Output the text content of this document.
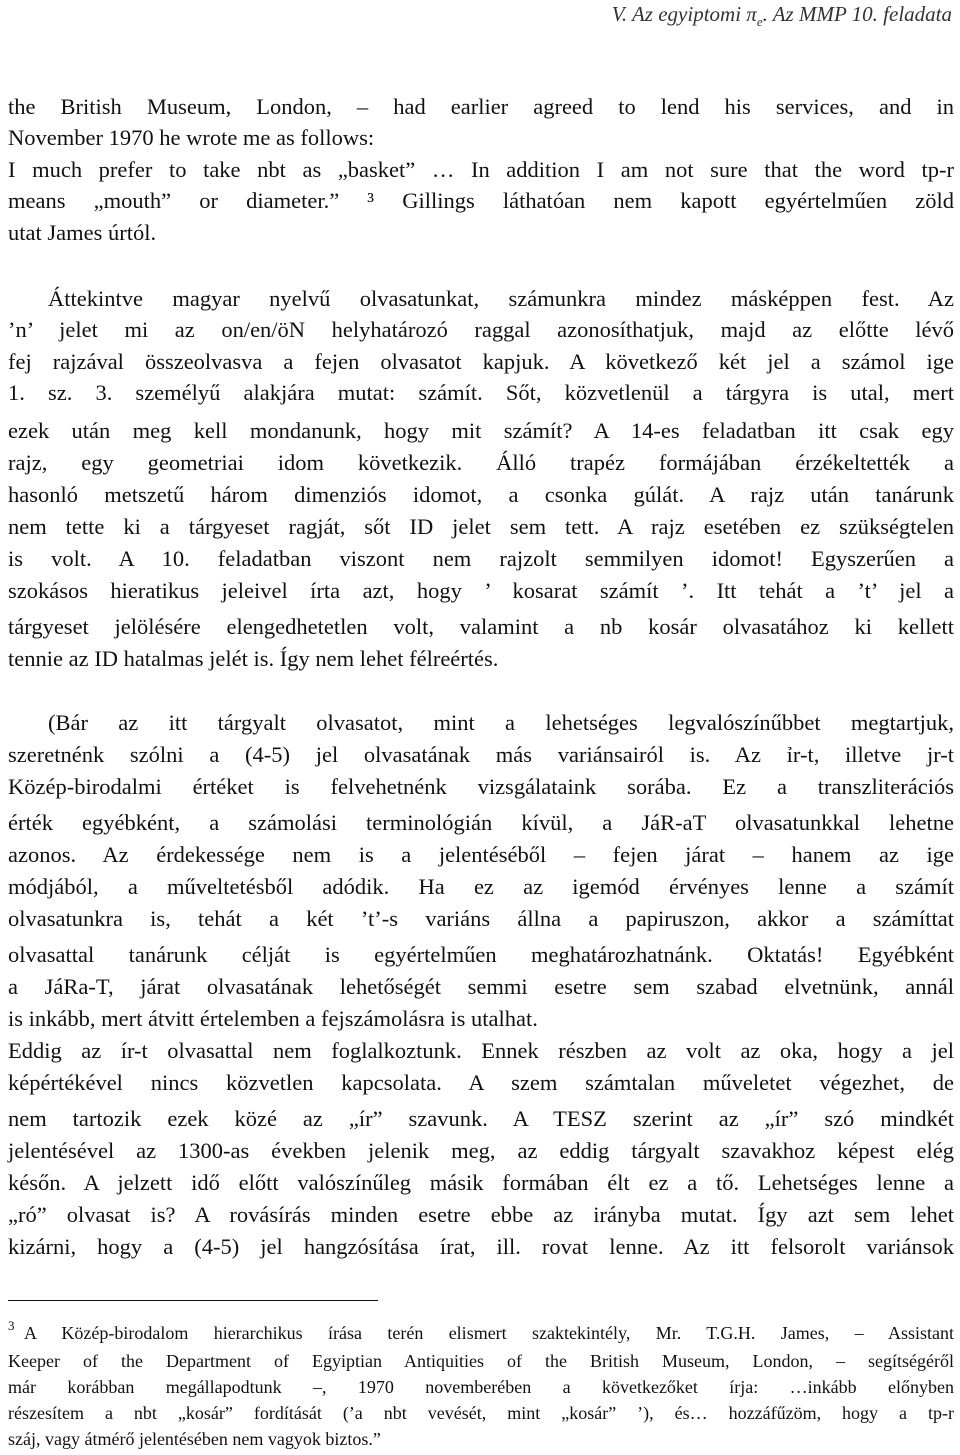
V. Az egyiptomi $\pi_e$. Az MMP 10. feladata
the British Museum, London, – had earlier agreed to lend his services, and in
November 1970 he wrote me as follows:
I much prefer to take nbt as „basket” … In addition I am not sure that the word tp-r
means „mouth” or diameter.” ³ Gillings láthatóan nem kapott egyértelműen zöld
utat James úrtól.
Áttekintve magyar nyelvű olvasatunkat, számunkra mindez másképpen fest. Az
’n’ jelet mi az on/en/öN helyhatározó raggal azonosíthatjuk, majd az előtte lévő
fej rajzával összeolvasva a fejen olvasatot kapjuk. A következő két jel a számol ige
1. sz. 3. személyű alakjára mutat: számít. Sőt, közvetlenül a tárgyra is utal, mert
ezek után meg kell mondanunk, hogy mit számít? A 14-es feladatban itt csak egy
rajz, egy geometriai idom következik. Álló trapéz formájában érzékeltették a
hasonló metszetű három dimenziós idomot, a csonka gúlát. A rajz után tanárunk
nem tette ki a tárgyeset ragját, sőt ID jelet sem tett. A rajz esetében ez szükségtelen
is volt. A 10. feladatban viszont nem rajzolt semmilyen idomot! Egyszerűen a
szokásos hieratikus jeleivel írta azt, hogy ’ kosarat számít ’. Itt tehát a ’t’ jel a
tárgyeset jelölésére elengedhetetlen volt, valamint a nb kosár olvasatához ki kellett
tennie az ID hatalmas jelét is. Így nem lehet félreértés.
(Bár az itt tárgyalt olvasatot, mint a lehetséges legvalószínűbbet megtartjuk,
szeretnénk szólni a (4-5) jel olvasatának más variánsairól is. Az ỉr-t, illetve jr-t
Közép-birodalmi értéket is felvehetnénk vizsgálataink sorába. Ez a transzliterációs
érték egyébként, a számolási terminológián kívül, a JáR-aT olvasatunkkal lehetne
azonos. Az érdekessége nem is a jelentéséből – fejen járat – hanem az ige
módjából, a műveltetésből adódik. Ha ez az igemód érvényes lenne a számít
olvasatunkra is, tehát a két ’t’-s variáns állna a papiruszon, akkor a számíttat
olvasattal tanárunk célját is egyértelműen meghatározhatnánk. Oktatás! Egyébként
a JáRa-T, járat olvasatának lehetőségét semmi esetre sem szabad elvetnünk, annál
is inkább, mert átvitt értelemben a fejszámolásra is utalhat.
Eddig az ír-t olvasattal nem foglalkoztunk. Ennek részben az volt az oka, hogy a jel
képértékével nincs közvetlen kapcsolata. A szem számtalan műveletet végezhet, de
nem tartozik ezek közé az „ír” szavunk. A TESZ szerint az „ír” szó mindkét
jelentésével az 1300-as években jelenik meg, az eddig tárgyalt szavakhoz képest elég
későn. A jelzett idő előtt valószínűleg másik formában élt ez a tő. Lehetséges lenne a
„ró” olvasat is? A rovásírás minden esetre ebbe az irányba mutat. Így azt sem lehet
kizárni, hogy a (4-5) jel hangzósítása írat, ill. rovat lenne. Az itt felsorolt variánsok
3 A Közép-birodalom hierarchikus írása terén elismert szaktekintély, Mr. T.G.H. James, – Assistant
Keeper of the Department of Egyiptian Antiquities of the British Museum, London, – segítségéről
már korábban megállapodtunk –, 1970 novemberében a következőket írja: …inkább előnyben
részesítem a nbt „kosár” fordítását (’a nbt vevését, mint „kosár” ’), és… hozzáfűzöm, hogy a tp-r
száj, vagy átmérő jelentésében nem vagyok biztos.”
